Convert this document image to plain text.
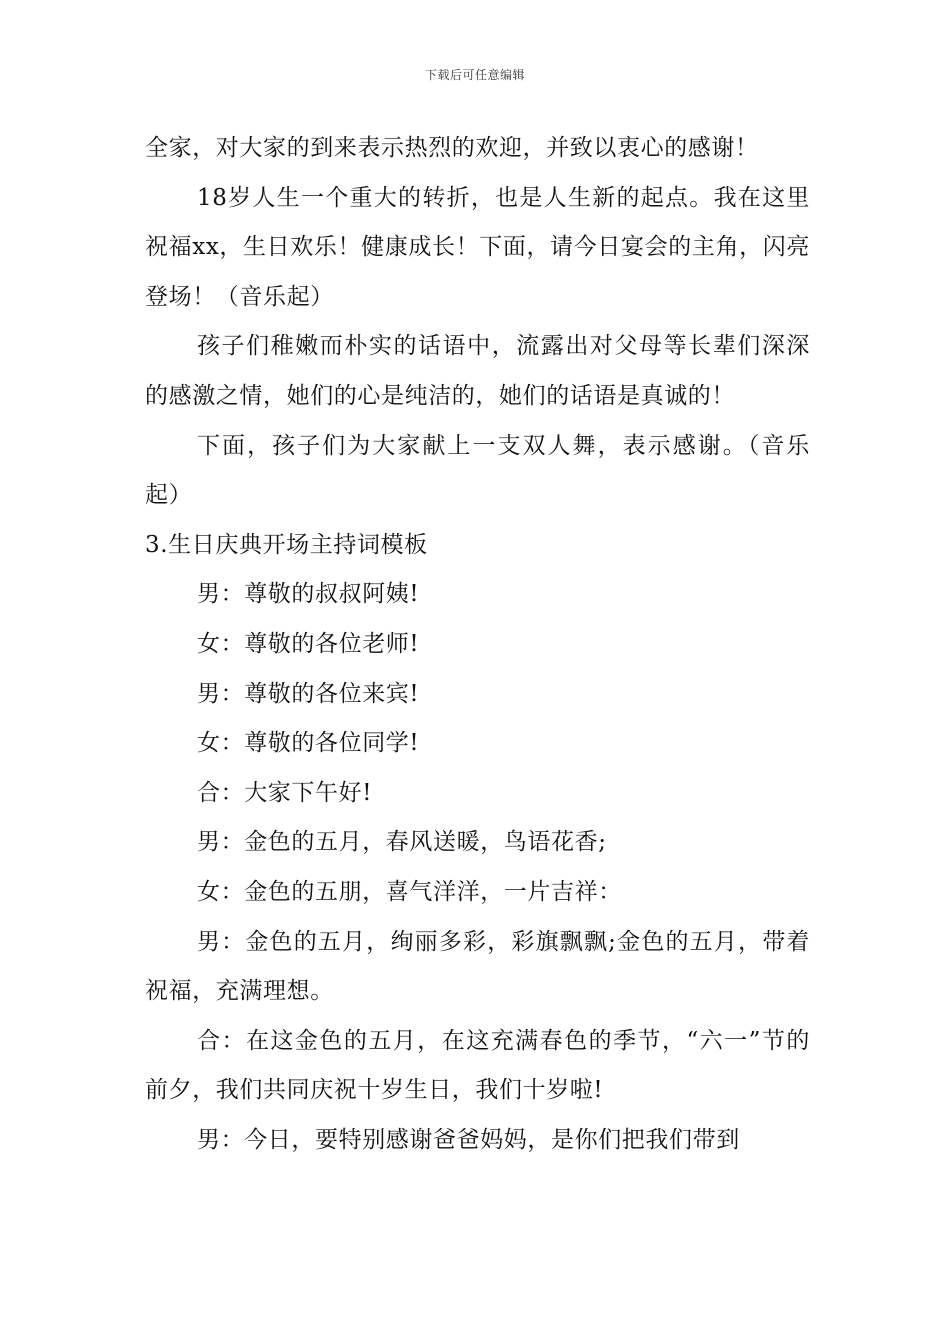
下载后可任意编辑

全家，对大家的到来表示热烈的欢迎，并致以衷心的感谢！

18岁人生一个重大的转折，也是人生新的起点。我在这里祝福xx，生日欢乐！健康成长！下面，请今日宴会的主角，闪亮登场！（音乐起）

孩子们稚嫩而朴实的话语中，流露出对父母等长辈们深深的感激之情，她们的心是纯洁的，她们的话语是真诚的！

下面，孩子们为大家献上一支双人舞，表示感谢。（音乐起）

3.生日庆典开场主持词模板

男：尊敬的叔叔阿姨!

女：尊敬的各位老师!

男：尊敬的各位来宾!

女：尊敬的各位同学!

合：大家下午好!

男：金色的五月，春风送暖，鸟语花香;

女：金色的五朋，喜气洋洋，一片吉祥：

男：金色的五月，绚丽多彩，彩旗飘飘;金色的五月，带着祝福，充满理想。

合：在这金色的五月，在这充满春色的季节，“六一”节的前夕，我们共同庆祝十岁生日，我们十岁啦!

男：今日，要特别感谢爸爸妈妈，是你们把我们带到
